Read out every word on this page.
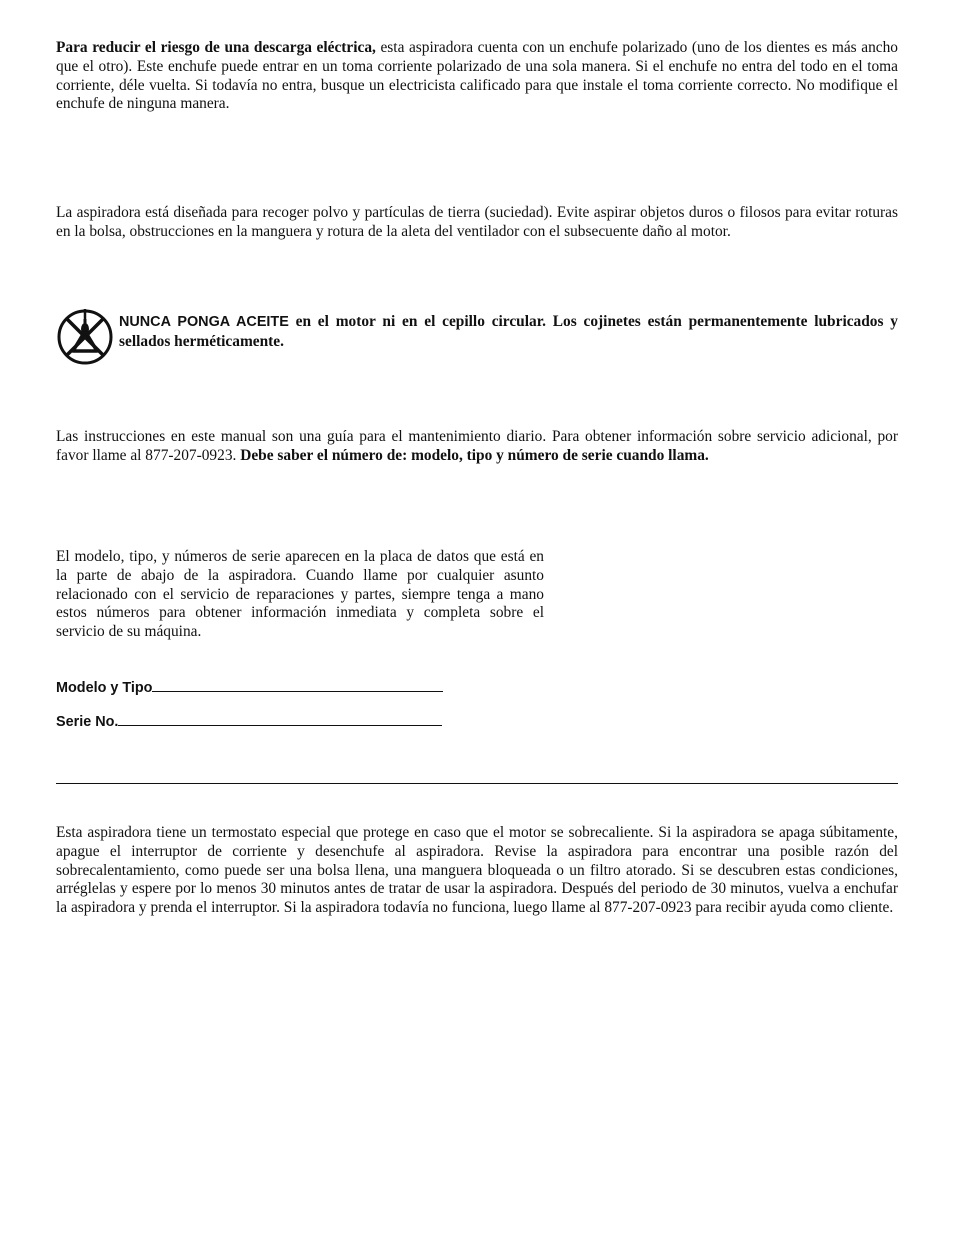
Para reducir el riesgo de una descarga eléctrica, esta aspiradora cuenta con un enchufe polarizado (uno de los dientes es más ancho que el otro). Este enchufe puede entrar en un toma corriente polarizado de una sola manera. Si el enchufe no entra del todo en el toma corriente, déle vuelta. Si todavía no entra, busque un electricista calificado para que instale el toma corriente correcto. No modifique el enchufe de ninguna manera.

La aspiradora está diseñada para recoger polvo y partículas de tierra (suciedad). Evite aspirar objetos duros o filosos para evitar roturas en la bolsa, obstrucciones en la manguera y rotura de la aleta del ventilador con el subsecuente daño al motor.

NUNCA PONGA ACEITE en el motor ni en el cepillo circular. Los cojinetes están permanentemente lubricados y sellados herméticamente.

Las instrucciones en este manual son una guía para el mantenimiento diario. Para obtener información sobre servicio adicional, por favor llame al 877-207-0923. Debe saber el número de: modelo, tipo y número de serie cuando llama.

El modelo, tipo, y números de serie aparecen en la placa de datos que está en la parte de abajo de la aspiradora. Cuando llame por cualquier asunto relacionado con el servicio de reparaciones y partes, siempre tenga a mano estos números para obtener información inmediata y completa sobre el servicio de su máquina.

Modelo y Tipo

Serie No.

Esta aspiradora tiene un termostato especial que protege en caso que el motor se sobrecaliente. Si la aspiradora se apaga súbitamente, apague el interruptor de corriente y desenchufe al aspiradora. Revise la aspiradora para encontrar una posible razón del sobrecalentamiento, como puede ser una bolsa llena, una manguera bloqueada o un filtro atorado. Si se descubren estas condiciones, arréglelas y espere por lo menos 30 minutos antes de tratar de usar la aspiradora. Después del periodo de 30 minutos, vuelva a enchufar la aspiradora y prenda el interruptor. Si la aspiradora todavía no funciona, luego llame al 877-207-0923 para recibir ayuda como cliente.
